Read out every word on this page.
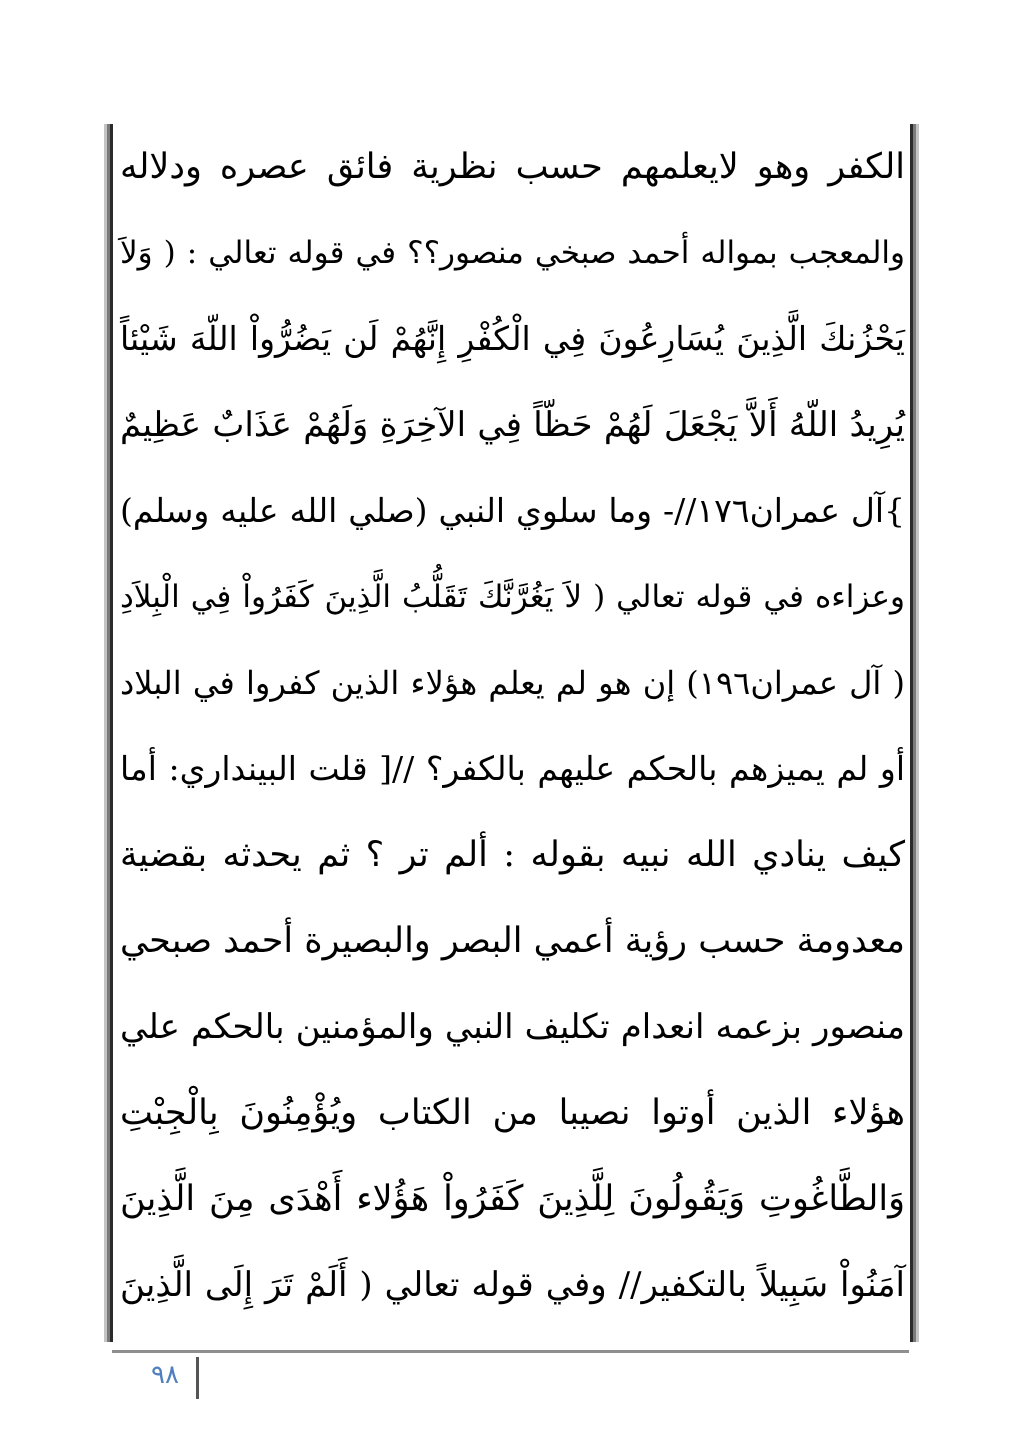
الكفر وهو لايعلمهم حسب نظرية فائق عصره ودلاله
والمعجب بمواله أحمد صبخي منصور؟؟ في قوله تعالي : ( وَلاَ
يَحْزُنكَ الَّذِينَ يُسَارِعُونَ فِي الْكُفْرِ إِنَّهُمْ لَن يَضُرُّواْ اللّهَ شَيْئاً
يُرِيدُ اللّهُ أَلاَّ يَجْعَلَ لَهُمْ حَظّاً فِي الآخِرَةِ وَلَهُمْ عَذَابٌ عَظِيمٌ
}آل عمران١٧٦//- وما سلوي النبي (صلي الله عليه وسلم)
وعزاءه في قوله تعالي ( لاَ يَغُرَّنَّكَ تَقَلُّبُ الَّذِينَ كَفَرُواْ فِي الْبِلاَدِ
( آل عمران١٩٦) إن هو لم يعلم هؤلاء الذين كفروا في البلاد
أو لم يميزهم بالحكم عليهم بالكفر؟ //[ قلت البينداري: أما
كيف ينادي الله نبيه بقوله : ألم تر ؟ ثم يحدثه بقضية
معدومة حسب رؤية أعمي البصر والبصيرة أحمد صبحي
منصور بزعمه انعدام تكليف النبي والمؤمنين بالحكم علي
هؤلاء الذين أوتوا نصيبا من الكتاب ويُؤْمِنُونَ بِالْجِبْتِ
وَالطَّاغُوتِ وَيَقُولُونَ لِلَّذِينَ كَفَرُواْ هَؤُلاء أَهْدَى مِنَ الَّذِينَ
آمَنُواْ سَبِيلاً بالتكفير// وفي قوله تعالي ( أَلَمْ تَرَ إِلَى الَّذِينَ
٩٨
